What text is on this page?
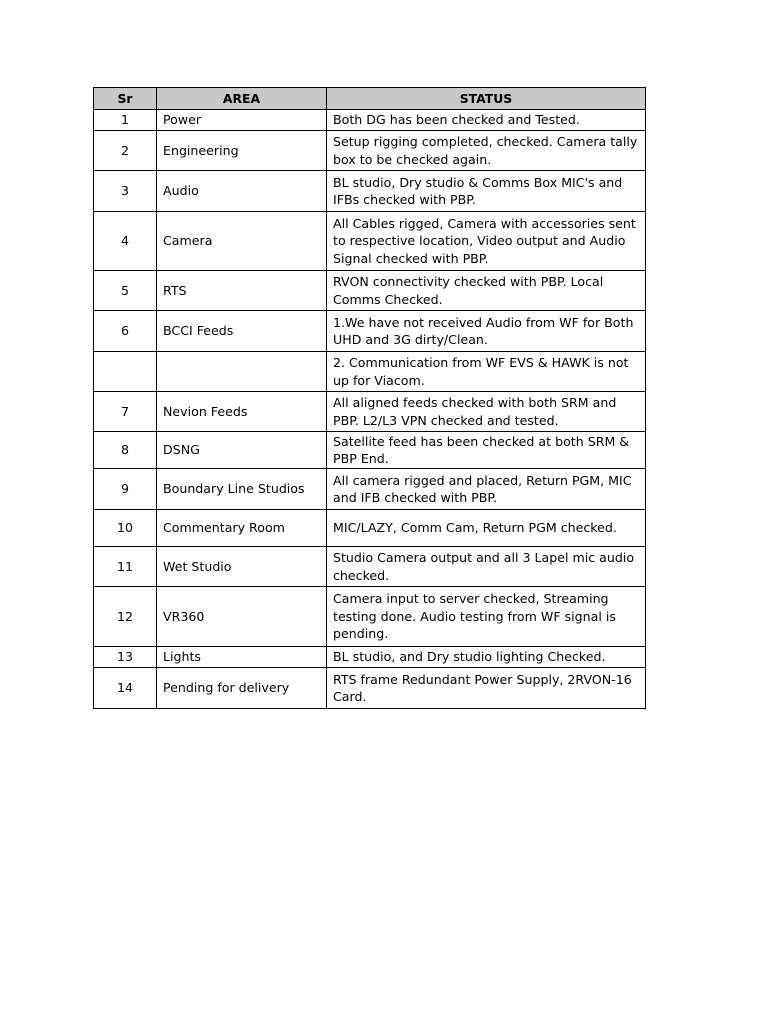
Sr	AREA	STATUS
1	Power	Both DG has been checked and Tested.
2	Engineering	Setup rigging completed, checked. Camera tally box to be checked again.
3	Audio	BL studio, Dry studio & Comms Box MIC's and IFBs checked with PBP.
4	Camera	All Cables rigged, Camera with accessories sent to respective location, Video output and Audio Signal checked with PBP.
5	RTS	RVON connectivity checked with PBP. Local Comms Checked.
6	BCCI Feeds	1.We have not received Audio from WF for Both UHD and 3G dirty/Clean.
		2. Communication from WF EVS & HAWK is not up for Viacom.
7	Nevion Feeds	All aligned feeds checked with both SRM and PBP. L2/L3 VPN checked and tested.
8	DSNG	Satellite feed has been checked at both SRM & PBP End.
9	Boundary Line Studios	All camera rigged and placed, Return PGM, MIC and IFB checked with PBP.
10	Commentary Room	MIC/LAZY, Comm Cam, Return PGM checked.
11	Wet Studio	Studio Camera output and all 3 Lapel mic audio checked.
12	VR360	Camera input to server checked, Streaming testing done. Audio testing from WF signal is pending.
13	Lights	BL studio, and Dry studio lighting Checked.
14	Pending for delivery	RTS frame Redundant Power Supply, 2RVON-16 Card.
